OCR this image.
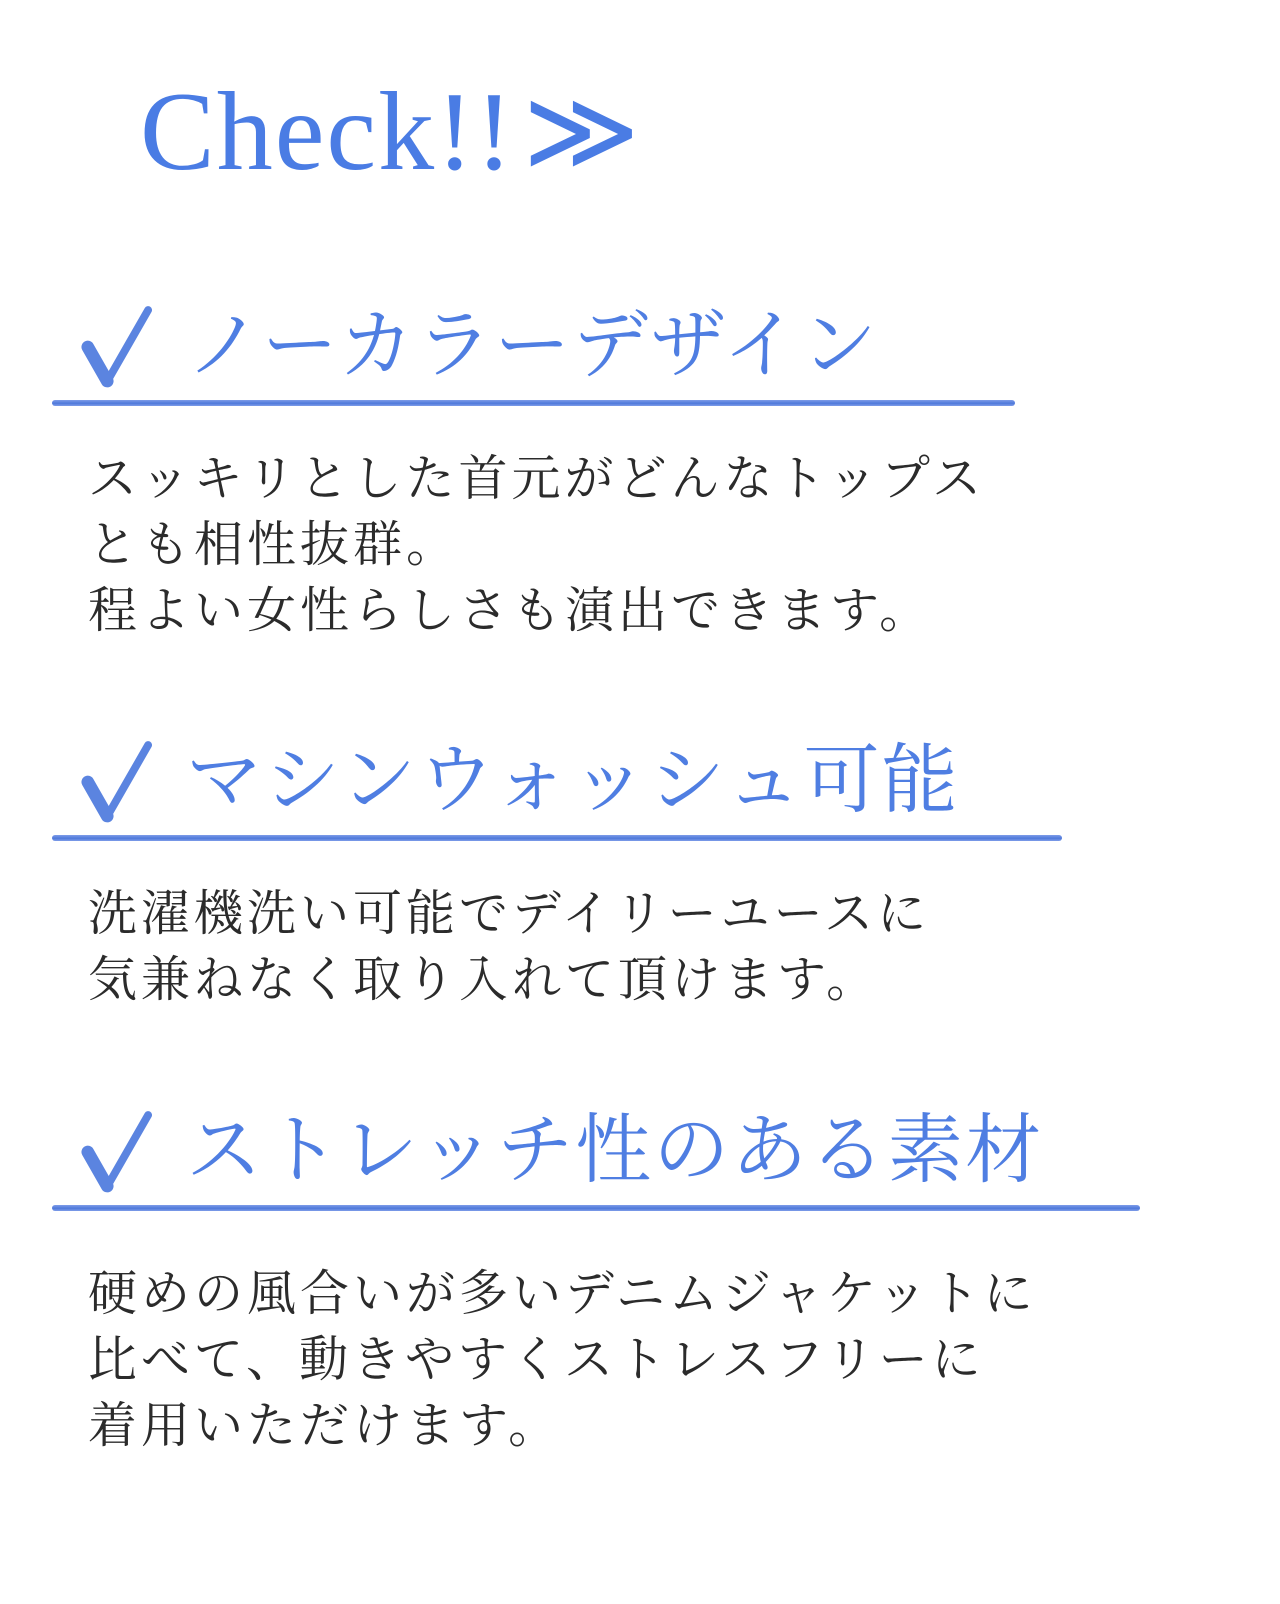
Check!!≫
ノーカラーデザイン

スッキリとした首元がどんなトップス
とも相性抜群。
程よい女性らしさも演出できます。

マシンウォッシュ可能

洗濯機洗い可能でデイリーユースに
気兼ねなく取り入れて頂けます。

ストレッチ性のある素材

硬めの風合いが多いデニムジャケットに
比べて、動きやすくストレスフリーに
着用いただけます。
